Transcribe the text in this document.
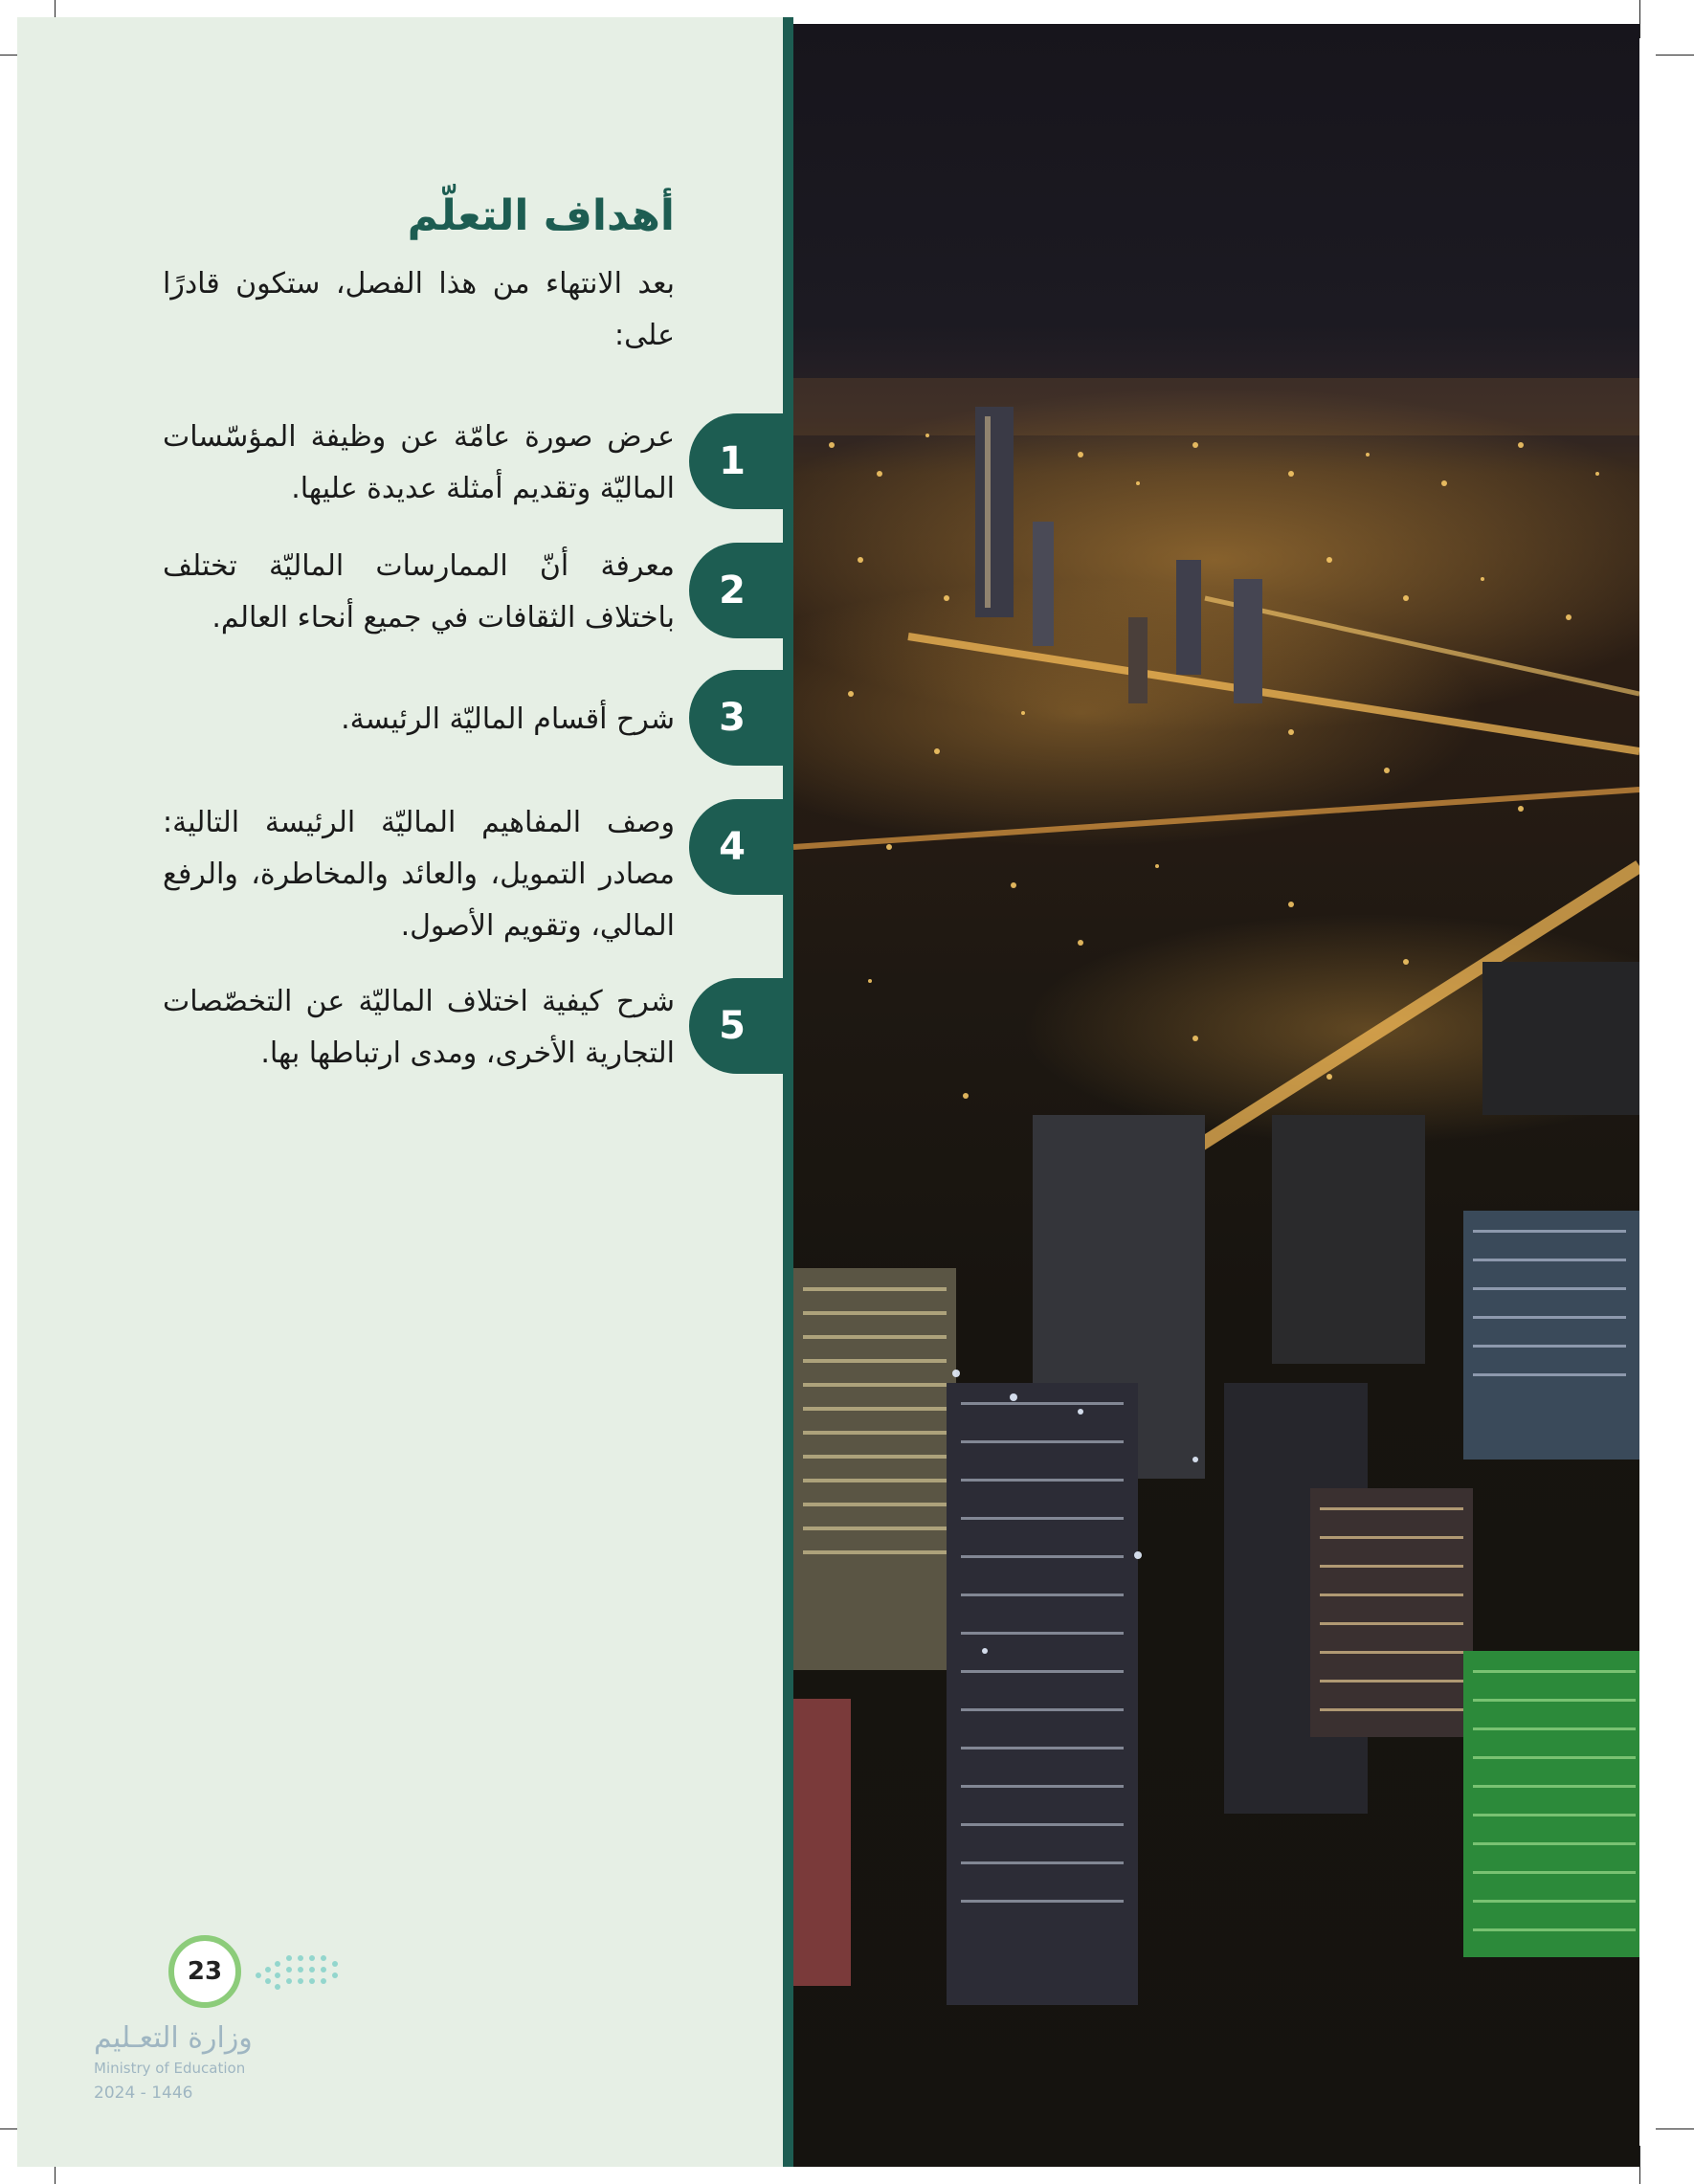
أهداف التعلّم
بعد الانتهاء من هذا الفصل، ستكون قادرًا على:
عرض صورة عامّة عن وظيفة المؤسّسات الماليّة وتقديم أمثلة عديدة عليها.
1
معرفة أنّ الممارسات الماليّة تختلف باختلاف الثقافات في جميع أنحاء العالم.
2
شرح أقسام الماليّة الرئيسة.	3
وصف المفاهيم الماليّة الرئيسة التالية: مصادر التمويل، والعائد والمخاطرة، والرفع المالي، وتقويم الأصول.
4
شرح كيفية اختلاف الماليّة عن التخصّصات التجارية الأخرى، ومدى ارتباطها بها.
5
23
وزارة التعـليم
Ministry of Education
2024 - 1446
